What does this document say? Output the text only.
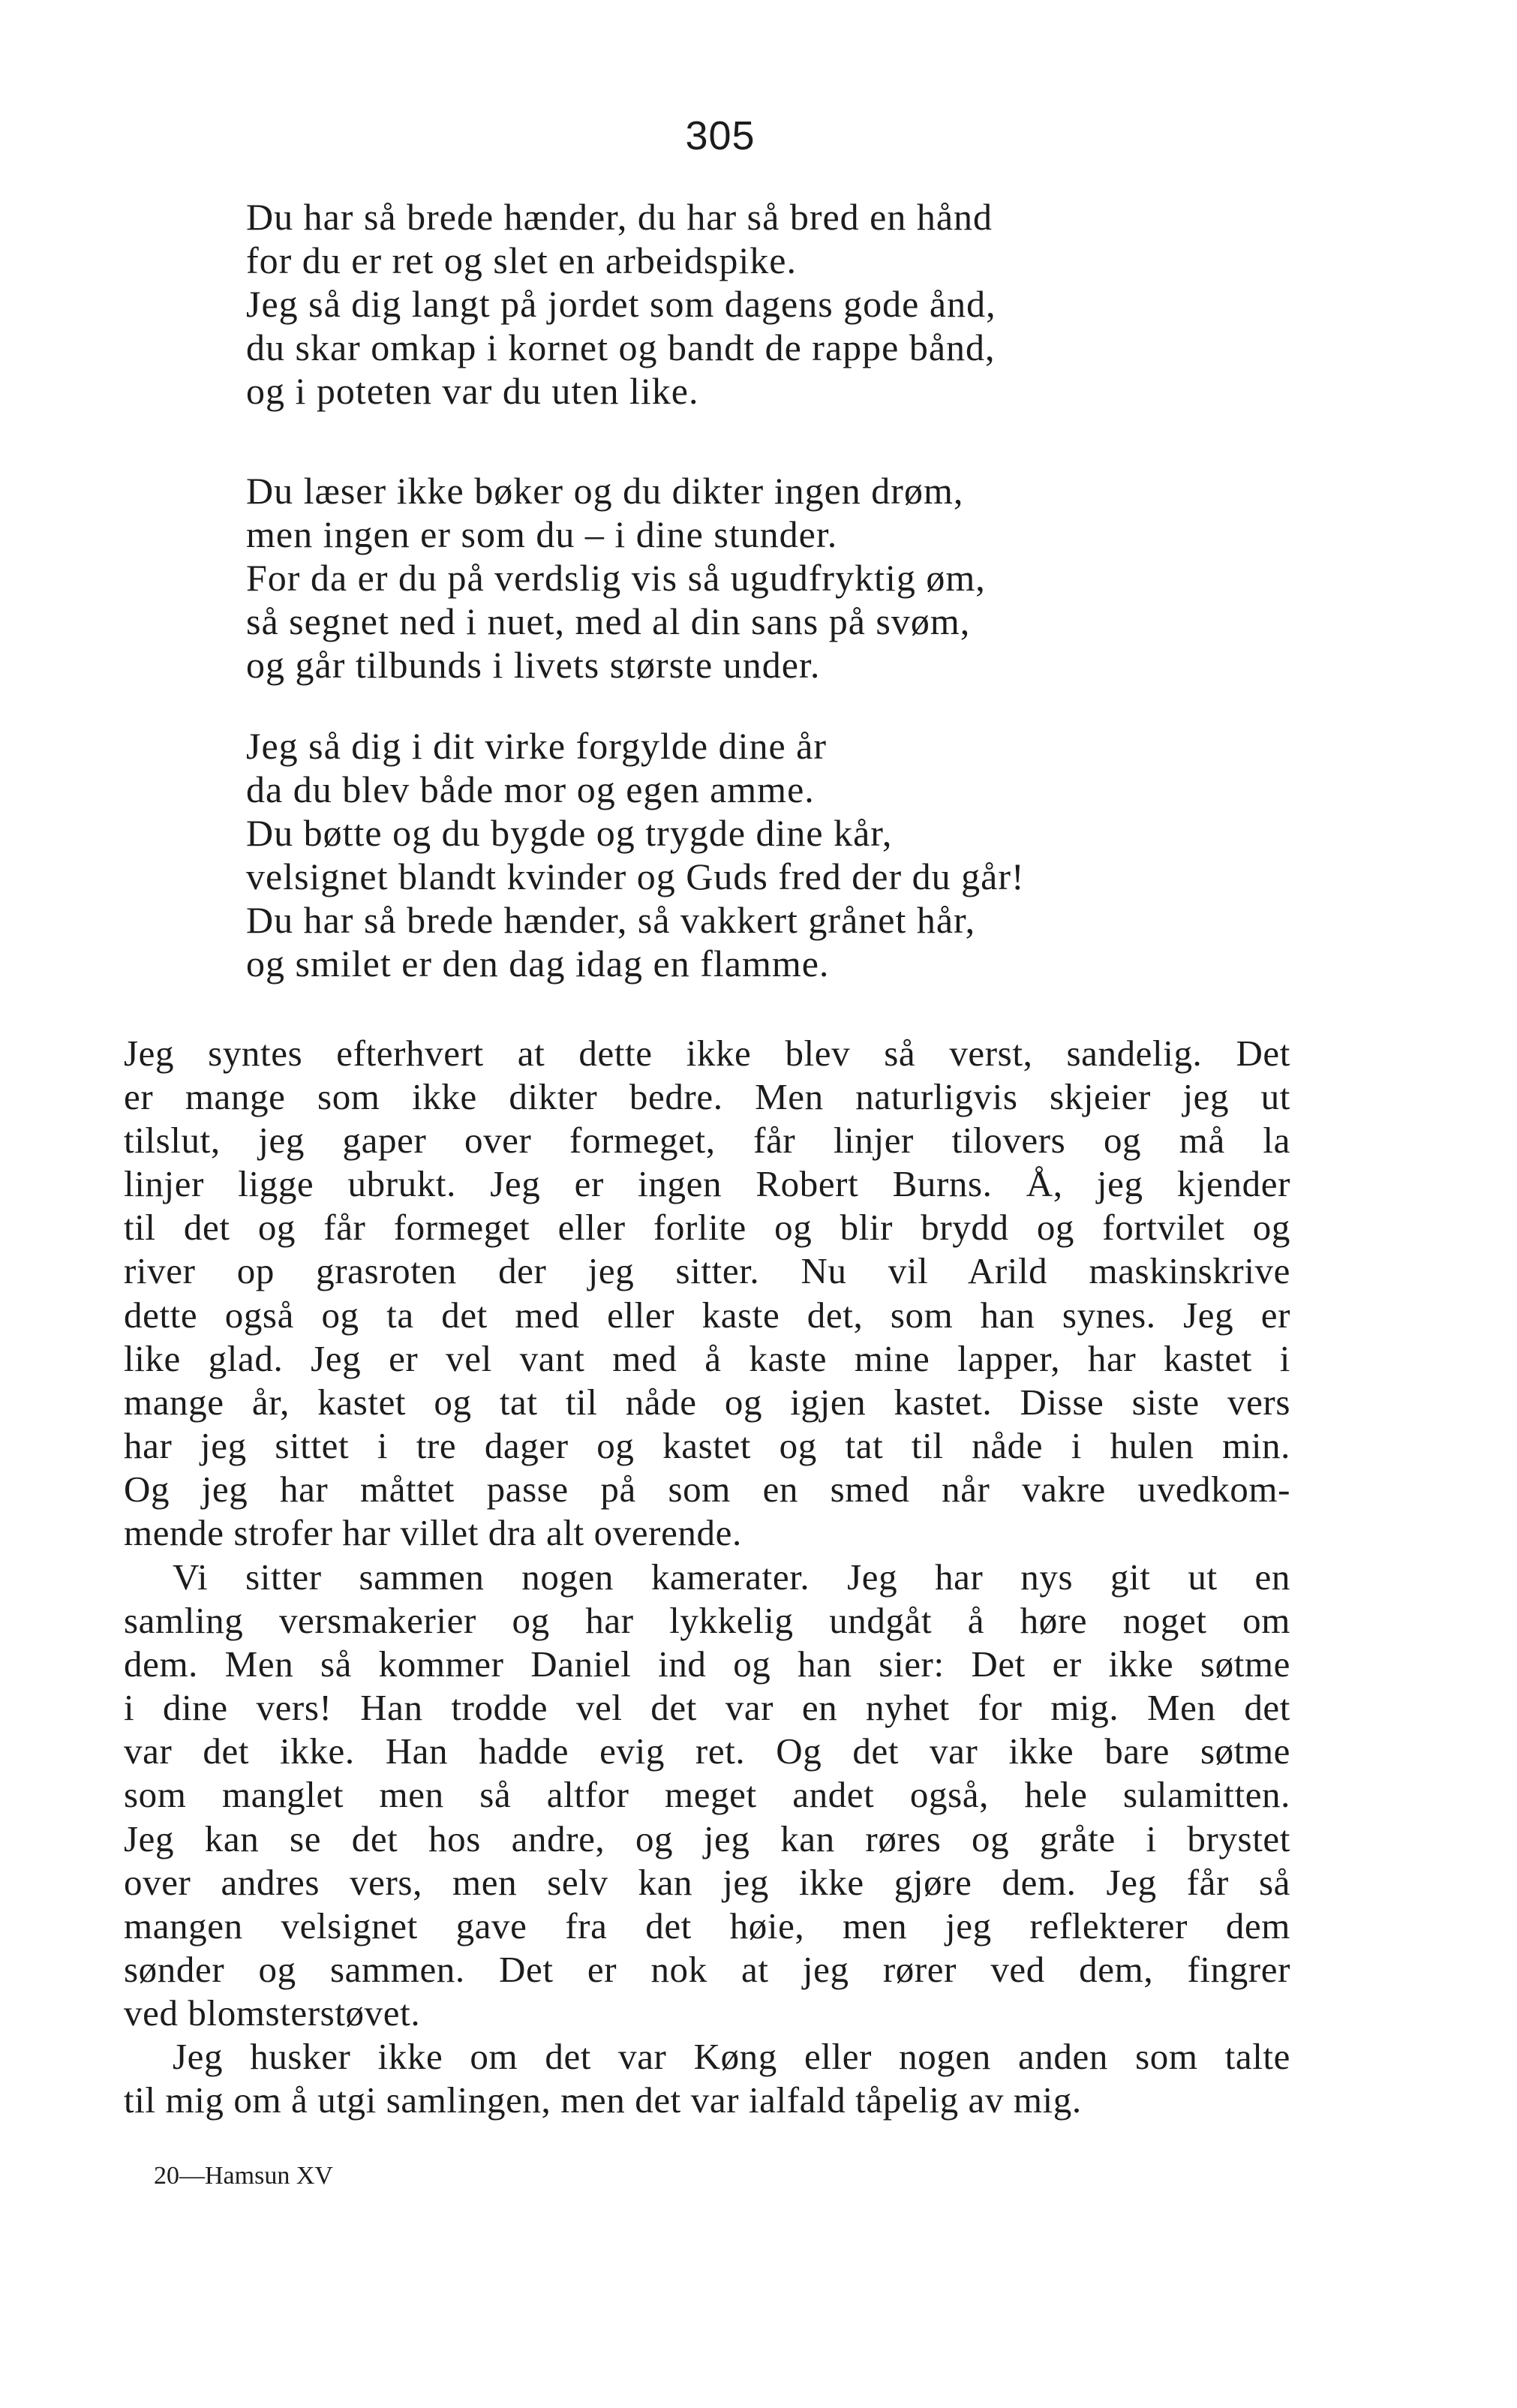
305
Du har så brede hænder, du har så bred en hånd
for du er ret og slet en arbeidspike.
Jeg så dig langt på jordet som dagens gode ånd,
du skar omkap i kornet og bandt de rappe bånd,
og i poteten var du uten like.
Du læser ikke bøker og du dikter ingen drøm,
men ingen er som du – i dine stunder.
For da er du på verdslig vis så ugudfryktig øm,
så segnet ned i nuet, med al din sans på svøm,
og går tilbunds i livets største under.
Jeg så dig i dit virke forgylde dine år
da du blev både mor og egen amme.
Du bøtte og du bygde og trygde dine kår,
velsignet blandt kvinder og Guds fred der du går!
Du har så brede hænder, så vakkert grånet hår,
og smilet er den dag idag en flamme.
Jeg syntes efterhvert at dette ikke blev så verst, sandelig. Det
er mange som ikke dikter bedre. Men naturligvis skjeier jeg ut
tilslut, jeg gaper over formeget, får linjer tilovers og må la
linjer ligge ubrukt. Jeg er ingen Robert Burns. Å, jeg kjender
til det og får formeget eller forlite og blir brydd og fortvilet og
river op grasroten der jeg sitter. Nu vil Arild maskinskrive
dette også og ta det med eller kaste det, som han synes. Jeg er
like glad. Jeg er vel vant med å kaste mine lapper, har kastet i
mange år, kastet og tat til nåde og igjen kastet. Disse siste vers
har jeg sittet i tre dager og kastet og tat til nåde i hulen min.
Og jeg har måttet passe på som en smed når vakre uvedkom-
mende strofer har villet dra alt overende.
Vi sitter sammen nogen kamerater. Jeg har nys git ut en
samling versmakerier og har lykkelig undgåt å høre noget om
dem. Men så kommer Daniel ind og han sier: Det er ikke søtme
i dine vers! Han trodde vel det var en nyhet for mig. Men det
var det ikke. Han hadde evig ret. Og det var ikke bare søtme
som manglet men så altfor meget andet også, hele sulamitten.
Jeg kan se det hos andre, og jeg kan røres og gråte i brystet
over andres vers, men selv kan jeg ikke gjøre dem. Jeg får så
mangen velsignet gave fra det høie, men jeg reflekterer dem
sønder og sammen. Det er nok at jeg rører ved dem, fingrer
ved blomsterstøvet.
Jeg husker ikke om det var Køng eller nogen anden som talte
til mig om å utgi samlingen, men det var ialfald tåpelig av mig.
20—Hamsun XV
